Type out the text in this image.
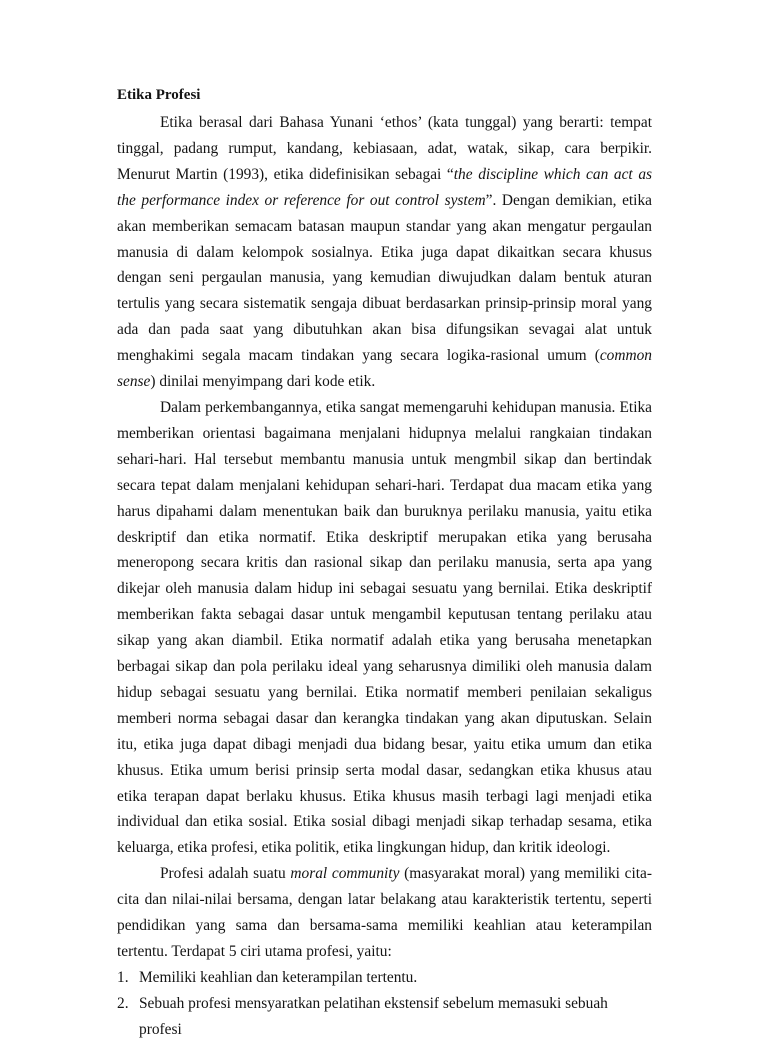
Etika Profesi

Etika berasal dari Bahasa Yunani ‘ethos’ (kata tunggal) yang berarti: tempat tinggal, padang rumput, kandang, kebiasaan, adat, watak, sikap, cara berpikir. Menurut Martin (1993), etika didefinisikan sebagai “the discipline which can act as the performance index or reference for out control system”. Dengan demikian, etika akan memberikan semacam batasan maupun standar yang akan mengatur pergaulan manusia di dalam kelompok sosialnya. Etika juga dapat dikaitkan secara khusus dengan seni pergaulan manusia, yang kemudian diwujudkan dalam bentuk aturan tertulis yang secara sistematik sengaja dibuat berdasarkan prinsip-prinsip moral yang ada dan pada saat yang dibutuhkan akan bisa difungsikan sevagai alat untuk menghakimi segala macam tindakan yang secara logika-rasional umum (common sense) dinilai menyimpang dari kode etik.

Dalam perkembangannya, etika sangat memengaruhi kehidupan manusia. Etika memberikan orientasi bagaimana menjalani hidupnya melalui rangkaian tindakan sehari-hari. Hal tersebut membantu manusia untuk mengmbil sikap dan bertindak secara tepat dalam menjalani kehidupan sehari-hari. Terdapat dua macam etika yang harus dipahami dalam menentukan baik dan buruknya perilaku manusia, yaitu etika deskriptif dan etika normatif. Etika deskriptif merupakan etika yang berusaha meneropong secara kritis dan rasional sikap dan perilaku manusia, serta apa yang dikejar oleh manusia dalam hidup ini sebagai sesuatu yang bernilai. Etika deskriptif memberikan fakta sebagai dasar untuk mengambil keputusan tentang perilaku atau sikap yang akan diambil. Etika normatif adalah etika yang berusaha menetapkan berbagai sikap dan pola perilaku ideal yang seharusnya dimiliki oleh manusia dalam hidup sebagai sesuatu yang bernilai. Etika normatif memberi penilaian sekaligus memberi norma sebagai dasar dan kerangka tindakan yang akan diputuskan. Selain itu, etika juga dapat dibagi menjadi dua bidang besar, yaitu etika umum dan etika khusus. Etika umum berisi prinsip serta modal dasar, sedangkan etika khusus atau etika terapan dapat berlaku khusus. Etika khusus masih terbagi lagi menjadi etika individual dan etika sosial. Etika sosial dibagi menjadi sikap terhadap sesama, etika keluarga, etika profesi, etika politik, etika lingkungan hidup, dan kritik ideologi.

Profesi adalah suatu moral community (masyarakat moral) yang memiliki cita-cita dan nilai-nilai bersama, dengan latar belakang atau karakteristik tertentu, seperti pendidikan yang sama dan bersama-sama memiliki keahlian atau keterampilan tertentu. Terdapat 5 ciri utama profesi, yaitu:

1. Memiliki keahlian dan keterampilan tertentu.
2. Sebuah profesi mensyaratkan pelatihan ekstensif sebelum memasuki sebuah profesi
